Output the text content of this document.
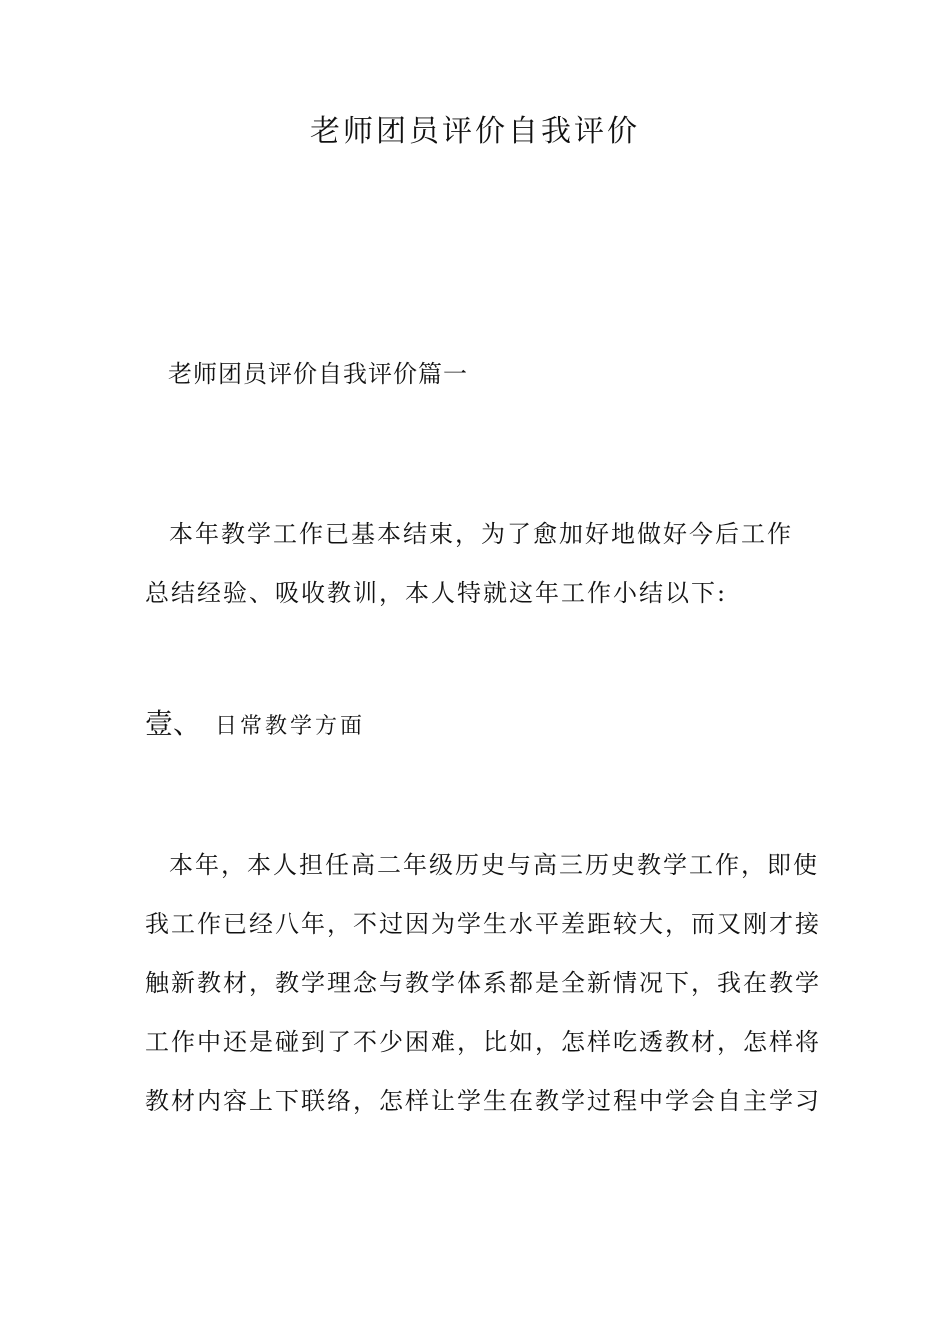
老师团员评价自我评价
老师团员评价自我评价篇一
本年教学工作已基本结束，为了愈加好地做好今后工作
总结经验、吸收教训，本人特就这年工作小结以下:
壹、 日常教学方面
本年，本人担任高二年级历史与高三历史教学工作，即使
我工作已经八年，不过因为学生水平差距较大，而又刚才接
触新教材，教学理念与教学体系都是全新情况下，我在教学
工作中还是碰到了不少困难，比如，怎样吃透教材，怎样将
教材内容上下联络，怎样让学生在教学过程中学会自主学习
